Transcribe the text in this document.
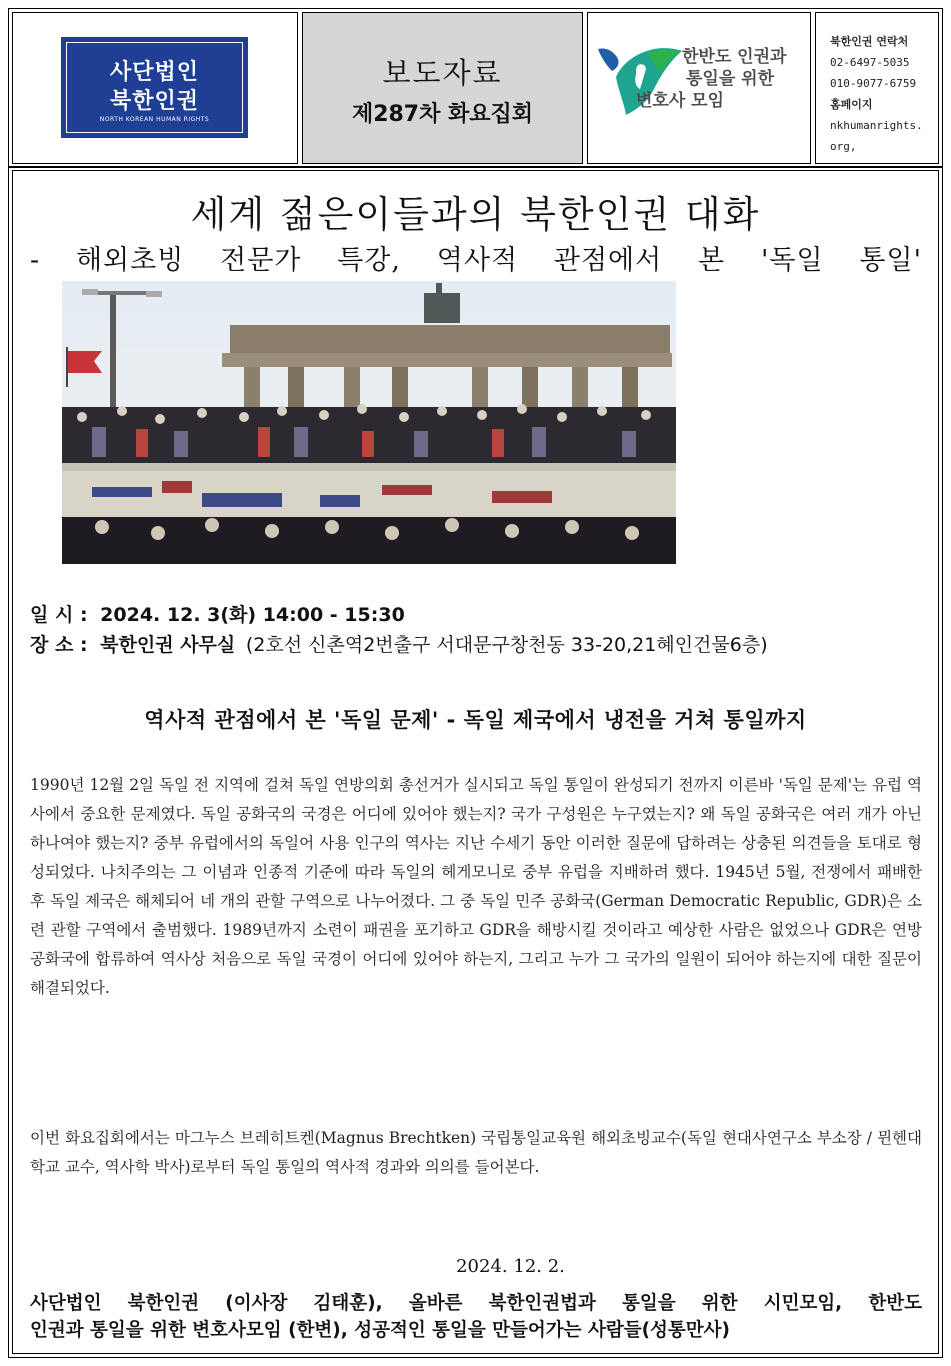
사단법인
북한인권
NORTH KOREAN HUMAN RIGHTS
보도자료
제287차 화요집회
한반도 인권과
통일을 위한
변호사 모임
북한인권 연락처
02-6497-5035
010-9077-6759
홈페이지
nkhumanrights.
org,
세계 젊은이들과의 북한인권 대화
- 해외초빙 전문가 특강, 역사적 관점에서 본 '독일 통일'
일 시 : 2024. 12. 3(화) 14:00 - 15:30
장 소 : 북한인권 사무실 (2호선 신촌역2번출구 서대문구창천동 33-20,21혜인건물6층)
역사적 관점에서 본 '독일 문제' - 독일 제국에서 냉전을 거쳐 통일까지
1990년 12월 2일 독일 전 지역에 걸쳐 독일 연방의회 총선거가 실시되고 독일 통일이 완성되기 전까지 이른바 '독일 문제'는 유럽 역사에서 중요한 문제였다. 독일 공화국의 국경은 어디에 있어야 했는지? 국가 구성원은 누구였는지? 왜 독일 공화국은 여러 개가 아닌 하나여야 했는지? 중부 유럽에서의 독일어 사용 인구의 역사는 지난 수세기 동안 이러한 질문에 답하려는 상충된 의견들을 토대로 형성되었다. 나치주의는 그 이념과 인종적 기준에 따라 독일의 헤게모니로 중부 유럽을 지배하려 했다. 1945년 5월, 전쟁에서 패배한 후 독일 제국은 해체되어 네 개의 관할 구역으로 나누어졌다. 그 중 독일 민주 공화국(German Democratic Republic, GDR)은 소련 관할 구역에서 출범했다. 1989년까지 소련이 패권을 포기하고 GDR을 해방시킬 것이라고 예상한 사람은 없었으나 GDR은 연방 공화국에 합류하여 역사상 처음으로 독일 국경이 어디에 있어야 하는지, 그리고 누가 그 국가의 일원이 되어야 하는지에 대한 질문이 해결되었다.
이번 화요집회에서는 마그누스 브레히트켄(Magnus Brechtken) 국립통일교육원 해외초빙교수(독일 현대사연구소 부소장 / 뮌헨대학교 교수, 역사학 박사)로부터 독일 통일의 역사적 경과와 의의를 들어본다.
2024. 12. 2.
사단법인 북한인권 (이사장 김태훈), 올바른 북한인권법과 통일을 위한 시민모임, 한반도
인권과 통일을 위한 변호사모임 (한변), 성공적인 통일을 만들어가는 사람들(성통만사)
